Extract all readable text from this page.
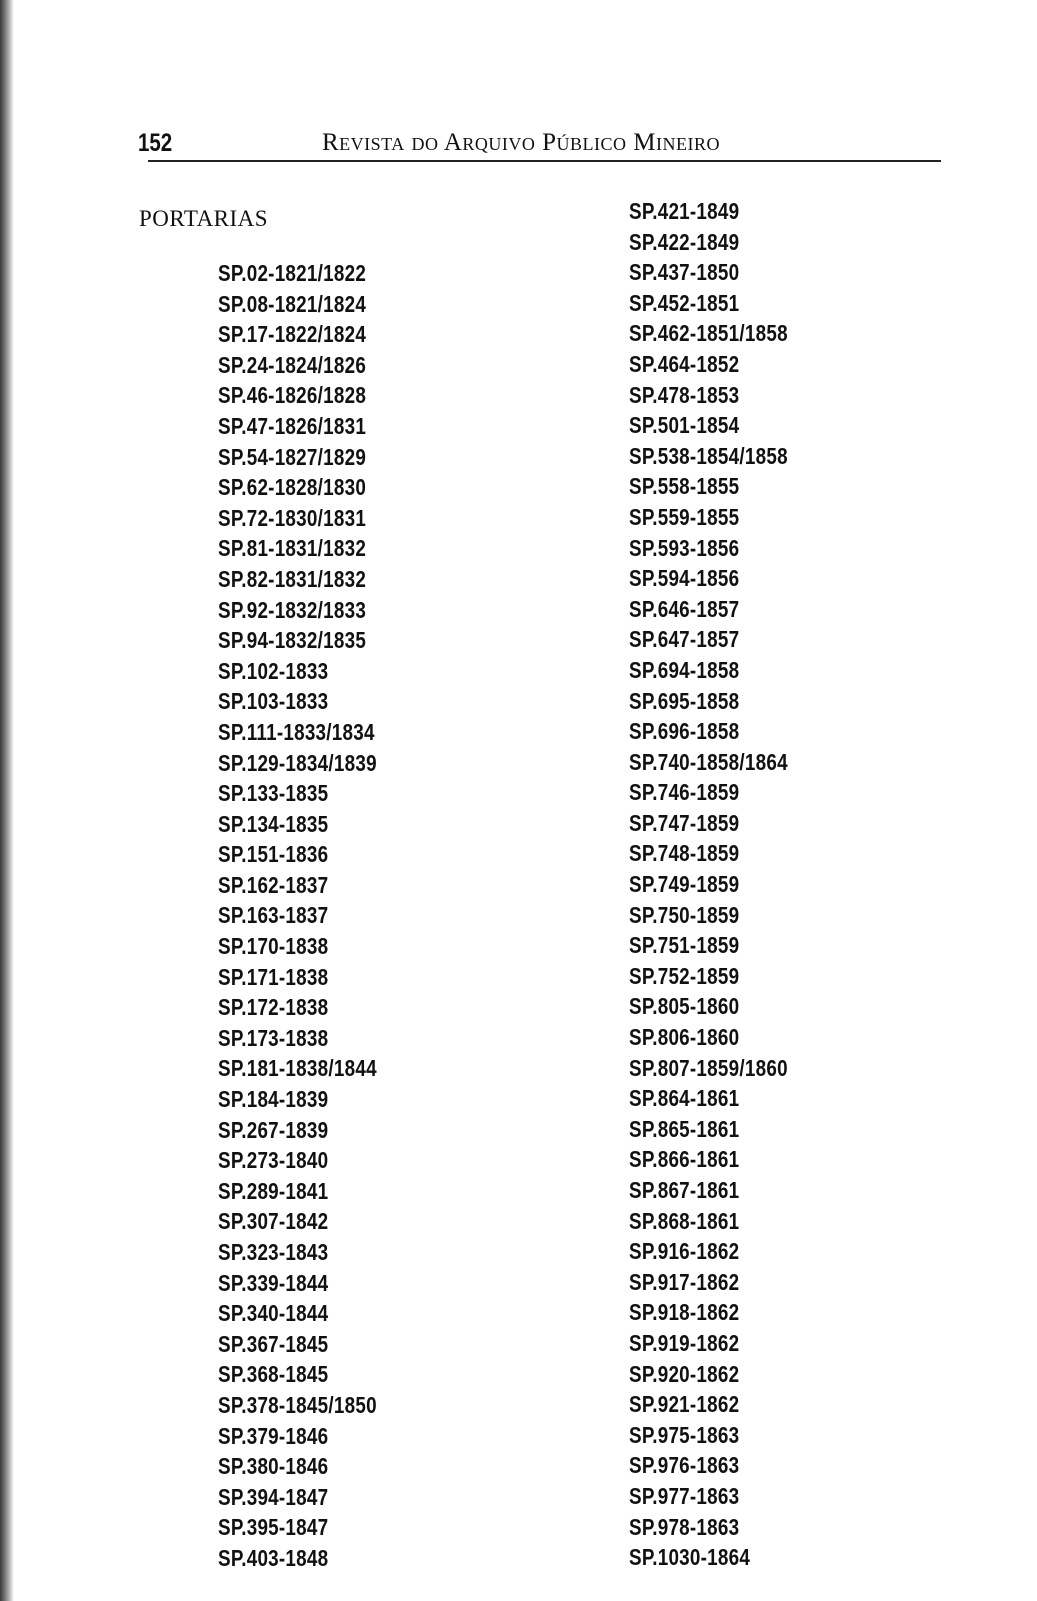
152	Revista do Arquivo Público Mineiro
PORTARIAS
SP.02-1821/1822
SP.08-1821/1824
SP.17-1822/1824
SP.24-1824/1826
SP.46-1826/1828
SP.47-1826/1831
SP.54-1827/1829
SP.62-1828/1830
SP.72-1830/1831
SP.81-1831/1832
SP.82-1831/1832
SP.92-1832/1833
SP.94-1832/1835
SP.102-1833
SP.103-1833
SP.111-1833/1834
SP.129-1834/1839
SP.133-1835
SP.134-1835
SP.151-1836
SP.162-1837
SP.163-1837
SP.170-1838
SP.171-1838
SP.172-1838
SP.173-1838
SP.181-1838/1844
SP.184-1839
SP.267-1839
SP.273-1840
SP.289-1841
SP.307-1842
SP.323-1843
SP.339-1844
SP.340-1844
SP.367-1845
SP.368-1845
SP.378-1845/1850
SP.379-1846
SP.380-1846
SP.394-1847
SP.395-1847
SP.403-1848
SP.421-1849
SP.422-1849
SP.437-1850
SP.452-1851
SP.462-1851/1858
SP.464-1852
SP.478-1853
SP.501-1854
SP.538-1854/1858
SP.558-1855
SP.559-1855
SP.593-1856
SP.594-1856
SP.646-1857
SP.647-1857
SP.694-1858
SP.695-1858
SP.696-1858
SP.740-1858/1864
SP.746-1859
SP.747-1859
SP.748-1859
SP.749-1859
SP.750-1859
SP.751-1859
SP.752-1859
SP.805-1860
SP.806-1860
SP.807-1859/1860
SP.864-1861
SP.865-1861
SP.866-1861
SP.867-1861
SP.868-1861
SP.916-1862
SP.917-1862
SP.918-1862
SP.919-1862
SP.920-1862
SP.921-1862
SP.975-1863
SP.976-1863
SP.977-1863
SP.978-1863
SP.1030-1864
